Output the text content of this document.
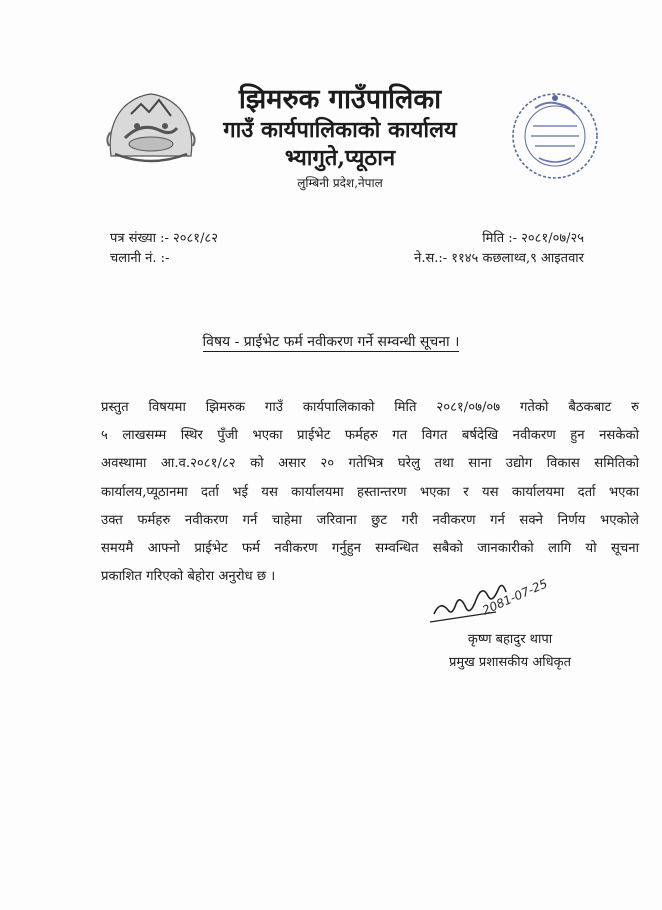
झिमरुक गाउँपालिका
गाउँ कार्यपालिकाको कार्यालय
भ्यागुते,प्यूठान
लुम्बिनी प्रदेश,नेपाल
पत्र संख्या :- २०८१/८२
चलानी नं. :-
मिति :- २०८१/०७/२५
ने.स.:- ११४५ कछलाथ्व,९ आइतवार
विषय - प्राईभेट फर्म नवीकरण गर्ने सम्वन्धी सूचना ।
प्रस्तुत विषयमा झिमरुक गाउँ कार्यपालिकाको मिति २०८१/०७/०७ गतेको बैठकबाट रु
५ लाखसम्म स्थिर पुँजी भएका प्राईभेट फर्महरु गत विगत बर्षदेखि नवीकरण हुन नसकेको
अवस्थामा आ.व.२०८१/८२ को असार २० गतेभित्र घरेलु तथा साना उद्योग विकास समितिको
कार्यालय,प्यूठानमा दर्ता भई यस कार्यालयमा हस्तान्तरण भएका र यस कार्यालयमा दर्ता भएका
उक्त फर्महरु नवीकरण गर्न चाहेमा जरिवाना छुट गरी नवीकरण गर्न सक्ने निर्णय भएकोले
समयमै आफ्नो प्राईभेट फर्म नवीकरण गर्नुहुन सम्वन्धित सबैको जानकारीको लागि यो सूचना
प्रकाशित गरिएको बेहोरा अनुरोध छ ।	2081-07-25
कृष्ण बहादुर थापा
प्रमुख प्रशासकीय अधिकृत
